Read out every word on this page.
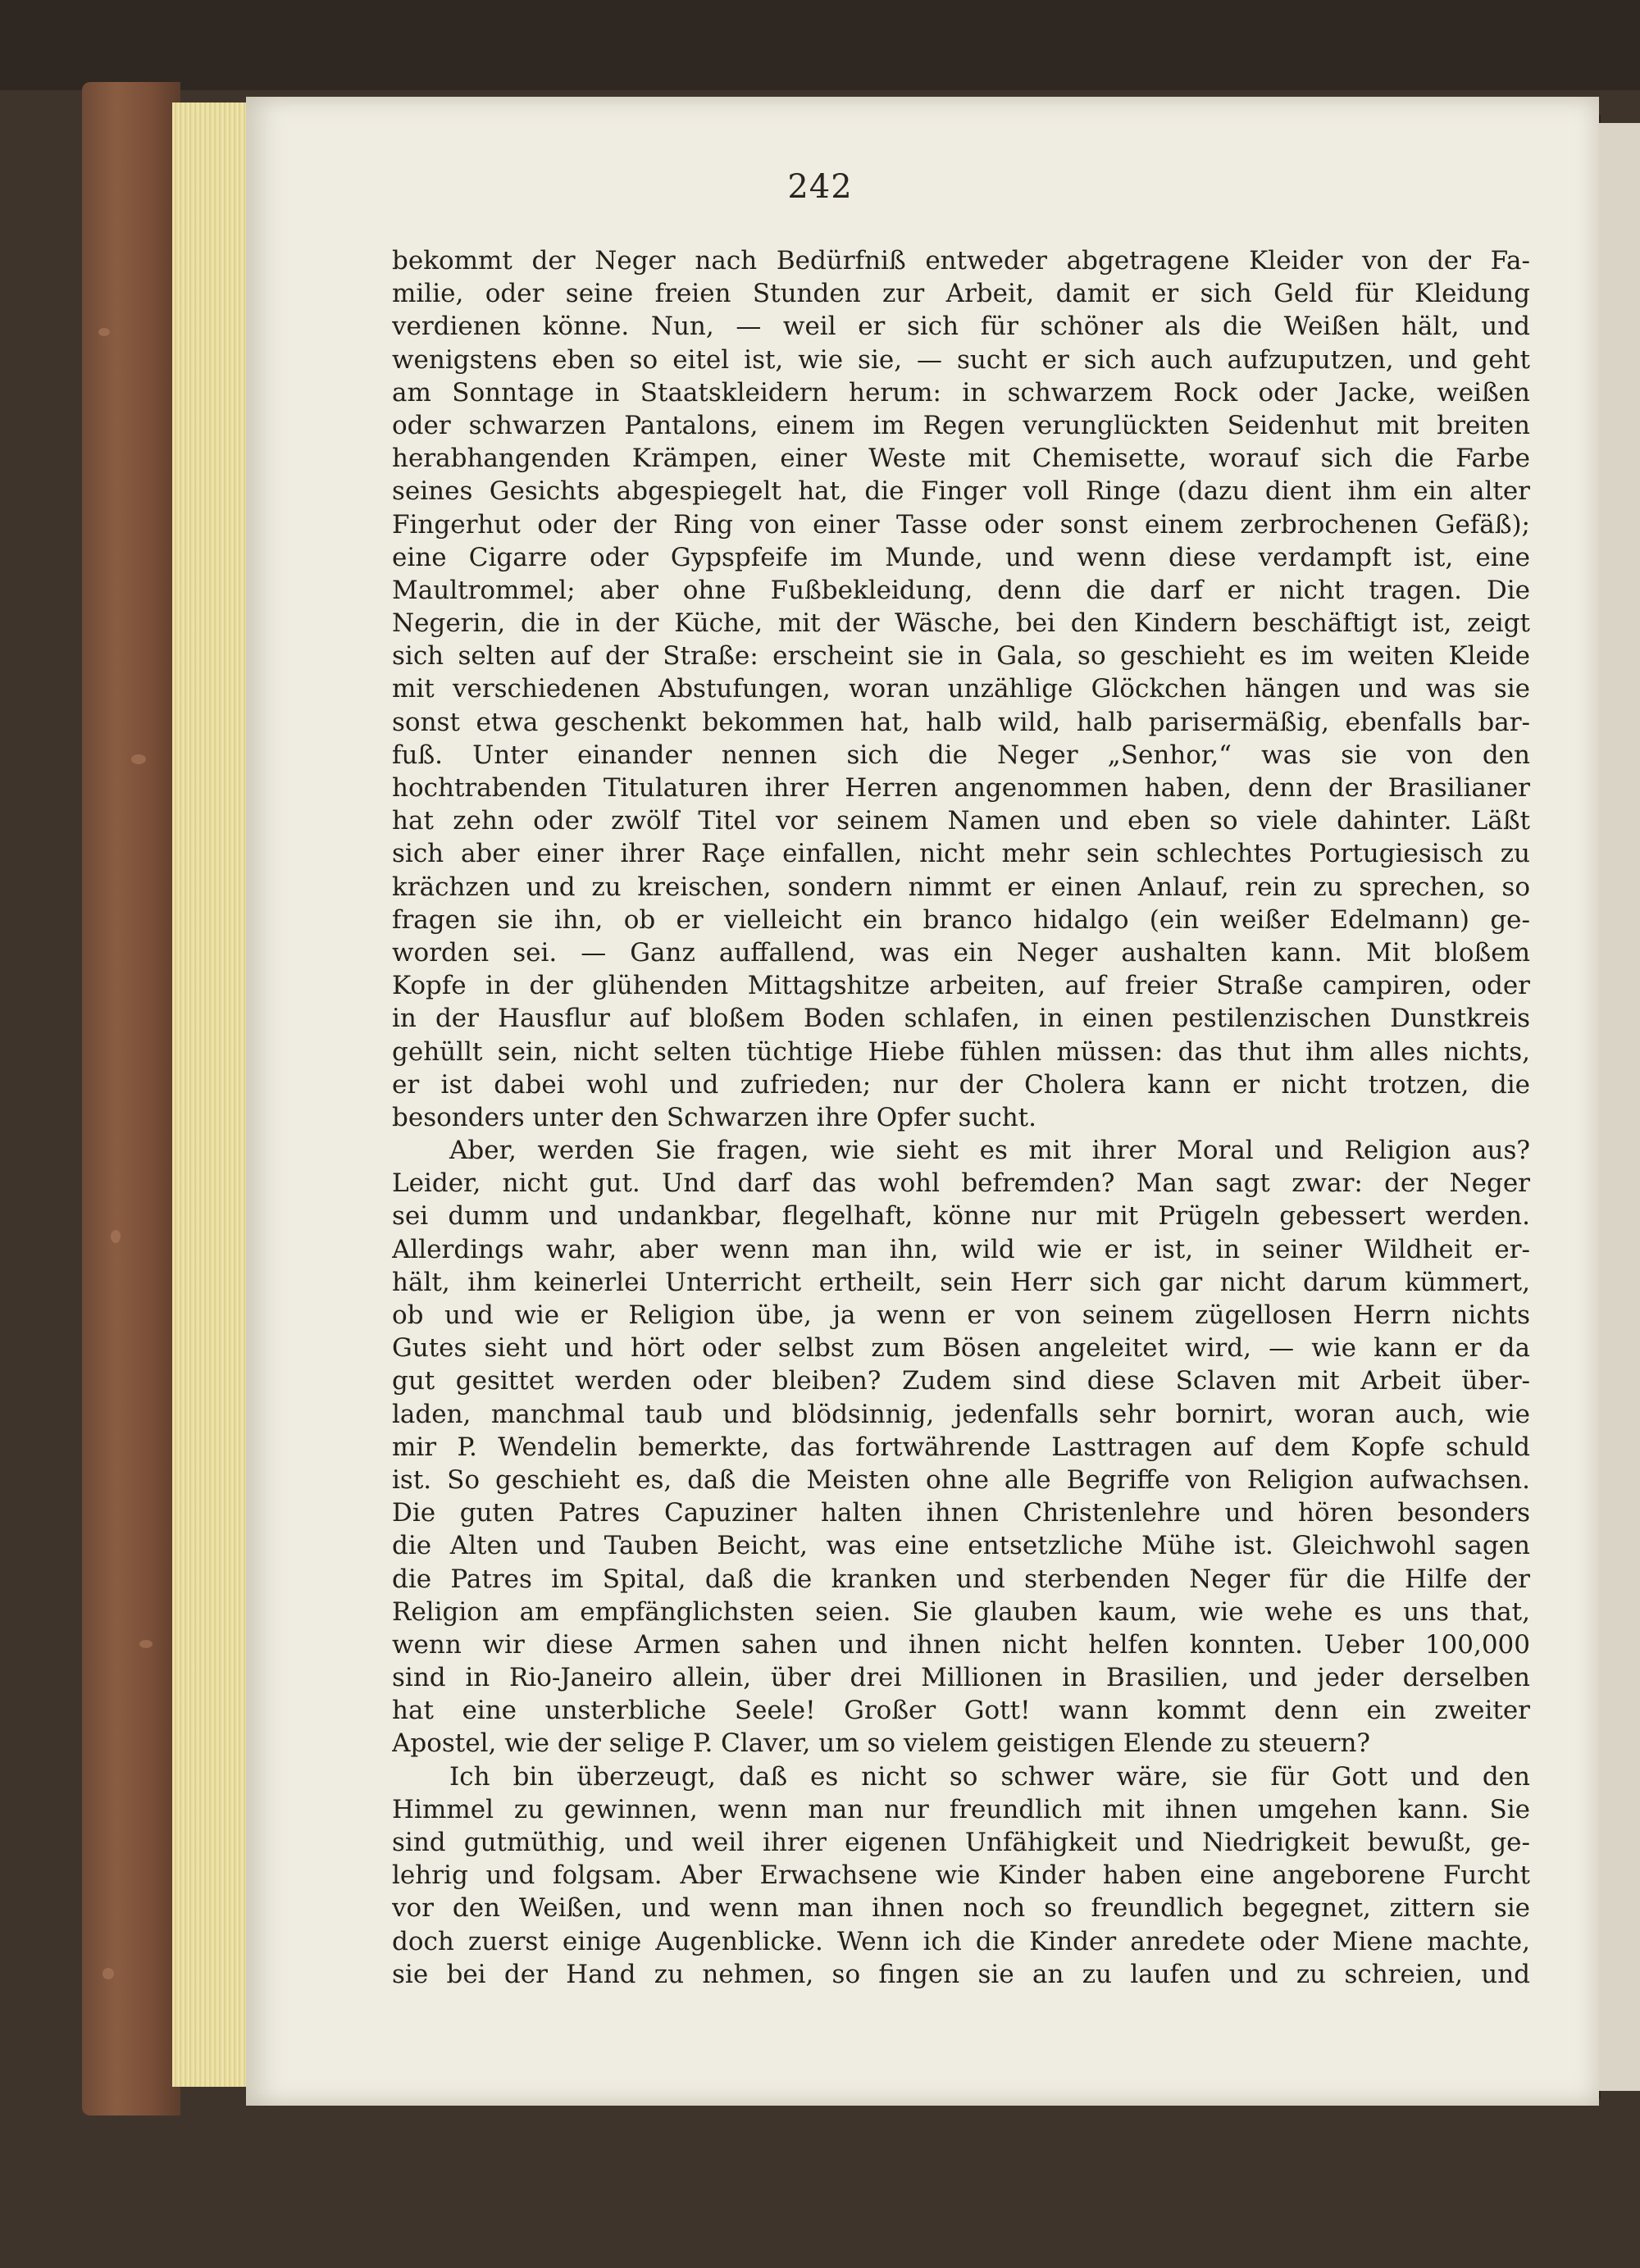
242
bekommt der Neger nach Bedürfniß entweder abgetragene Kleider von der Fa-
milie, oder seine freien Stunden zur Arbeit, damit er sich Geld für Kleidung
verdienen könne. Nun, — weil er sich für schöner als die Weißen hält, und
wenigstens eben so eitel ist, wie sie, — sucht er sich auch aufzuputzen, und geht
am Sonntage in Staatskleidern herum: in schwarzem Rock oder Jacke, weißen
oder schwarzen Pantalons, einem im Regen verunglückten Seidenhut mit breiten
herabhangenden Krämpen, einer Weste mit Chemisette, worauf sich die Farbe
seines Gesichts abgespiegelt hat, die Finger voll Ringe (dazu dient ihm ein alter
Fingerhut oder der Ring von einer Tasse oder sonst einem zerbrochenen Gefäß);
eine Cigarre oder Gypspfeife im Munde, und wenn diese verdampft ist, eine
Maultrommel; aber ohne Fußbekleidung, denn die darf er nicht tragen. Die
Negerin, die in der Küche, mit der Wäsche, bei den Kindern beschäftigt ist, zeigt
sich selten auf der Straße: erscheint sie in Gala, so geschieht es im weiten Kleide
mit verschiedenen Abstufungen, woran unzählige Glöckchen hängen und was sie
sonst etwa geschenkt bekommen hat, halb wild, halb parisermäßig, ebenfalls bar-
fuß. Unter einander nennen sich die Neger „Senhor,“ was sie von den
hochtrabenden Titulaturen ihrer Herren angenommen haben, denn der Brasilianer
hat zehn oder zwölf Titel vor seinem Namen und eben so viele dahinter. Läßt
sich aber einer ihrer Raçe einfallen, nicht mehr sein schlechtes Portugiesisch zu
krächzen und zu kreischen, sondern nimmt er einen Anlauf, rein zu sprechen, so
fragen sie ihn, ob er vielleicht ein branco hidalgo (ein weißer Edelmann) ge-
worden sei. — Ganz auffallend, was ein Neger aushalten kann. Mit bloßem
Kopfe in der glühenden Mittagshitze arbeiten, auf freier Straße campiren, oder
in der Hausflur auf bloßem Boden schlafen, in einen pestilenzischen Dunstkreis
gehüllt sein, nicht selten tüchtige Hiebe fühlen müssen: das thut ihm alles nichts,
er ist dabei wohl und zufrieden; nur der Cholera kann er nicht trotzen, die
besonders unter den Schwarzen ihre Opfer sucht.
Aber, werden Sie fragen, wie sieht es mit ihrer Moral und Religion aus?
Leider, nicht gut. Und darf das wohl befremden? Man sagt zwar: der Neger
sei dumm und undankbar, flegelhaft, könne nur mit Prügeln gebessert werden.
Allerdings wahr, aber wenn man ihn, wild wie er ist, in seiner Wildheit er-
hält, ihm keinerlei Unterricht ertheilt, sein Herr sich gar nicht darum kümmert,
ob und wie er Religion übe, ja wenn er von seinem zügellosen Herrn nichts
Gutes sieht und hört oder selbst zum Bösen angeleitet wird, — wie kann er da
gut gesittet werden oder bleiben? Zudem sind diese Sclaven mit Arbeit über-
laden, manchmal taub und blödsinnig, jedenfalls sehr bornirt, woran auch, wie
mir P. Wendelin bemerkte, das fortwährende Lasttragen auf dem Kopfe schuld
ist. So geschieht es, daß die Meisten ohne alle Begriffe von Religion aufwachsen.
Die guten Patres Capuziner halten ihnen Christenlehre und hören besonders
die Alten und Tauben Beicht, was eine entsetzliche Mühe ist. Gleichwohl sagen
die Patres im Spital, daß die kranken und sterbenden Neger für die Hilfe der
Religion am empfänglichsten seien. Sie glauben kaum, wie wehe es uns that,
wenn wir diese Armen sahen und ihnen nicht helfen konnten. Ueber 100,000
sind in Rio-Janeiro allein, über drei Millionen in Brasilien, und jeder derselben
hat eine unsterbliche Seele! Großer Gott! wann kommt denn ein zweiter
Apostel, wie der selige P. Claver, um so vielem geistigen Elende zu steuern?
Ich bin überzeugt, daß es nicht so schwer wäre, sie für Gott und den
Himmel zu gewinnen, wenn man nur freundlich mit ihnen umgehen kann. Sie
sind gutmüthig, und weil ihrer eigenen Unfähigkeit und Niedrigkeit bewußt, ge-
lehrig und folgsam. Aber Erwachsene wie Kinder haben eine angeborene Furcht
vor den Weißen, und wenn man ihnen noch so freundlich begegnet, zittern sie
doch zuerst einige Augenblicke. Wenn ich die Kinder anredete oder Miene machte,
sie bei der Hand zu nehmen, so fingen sie an zu laufen und zu schreien, und
